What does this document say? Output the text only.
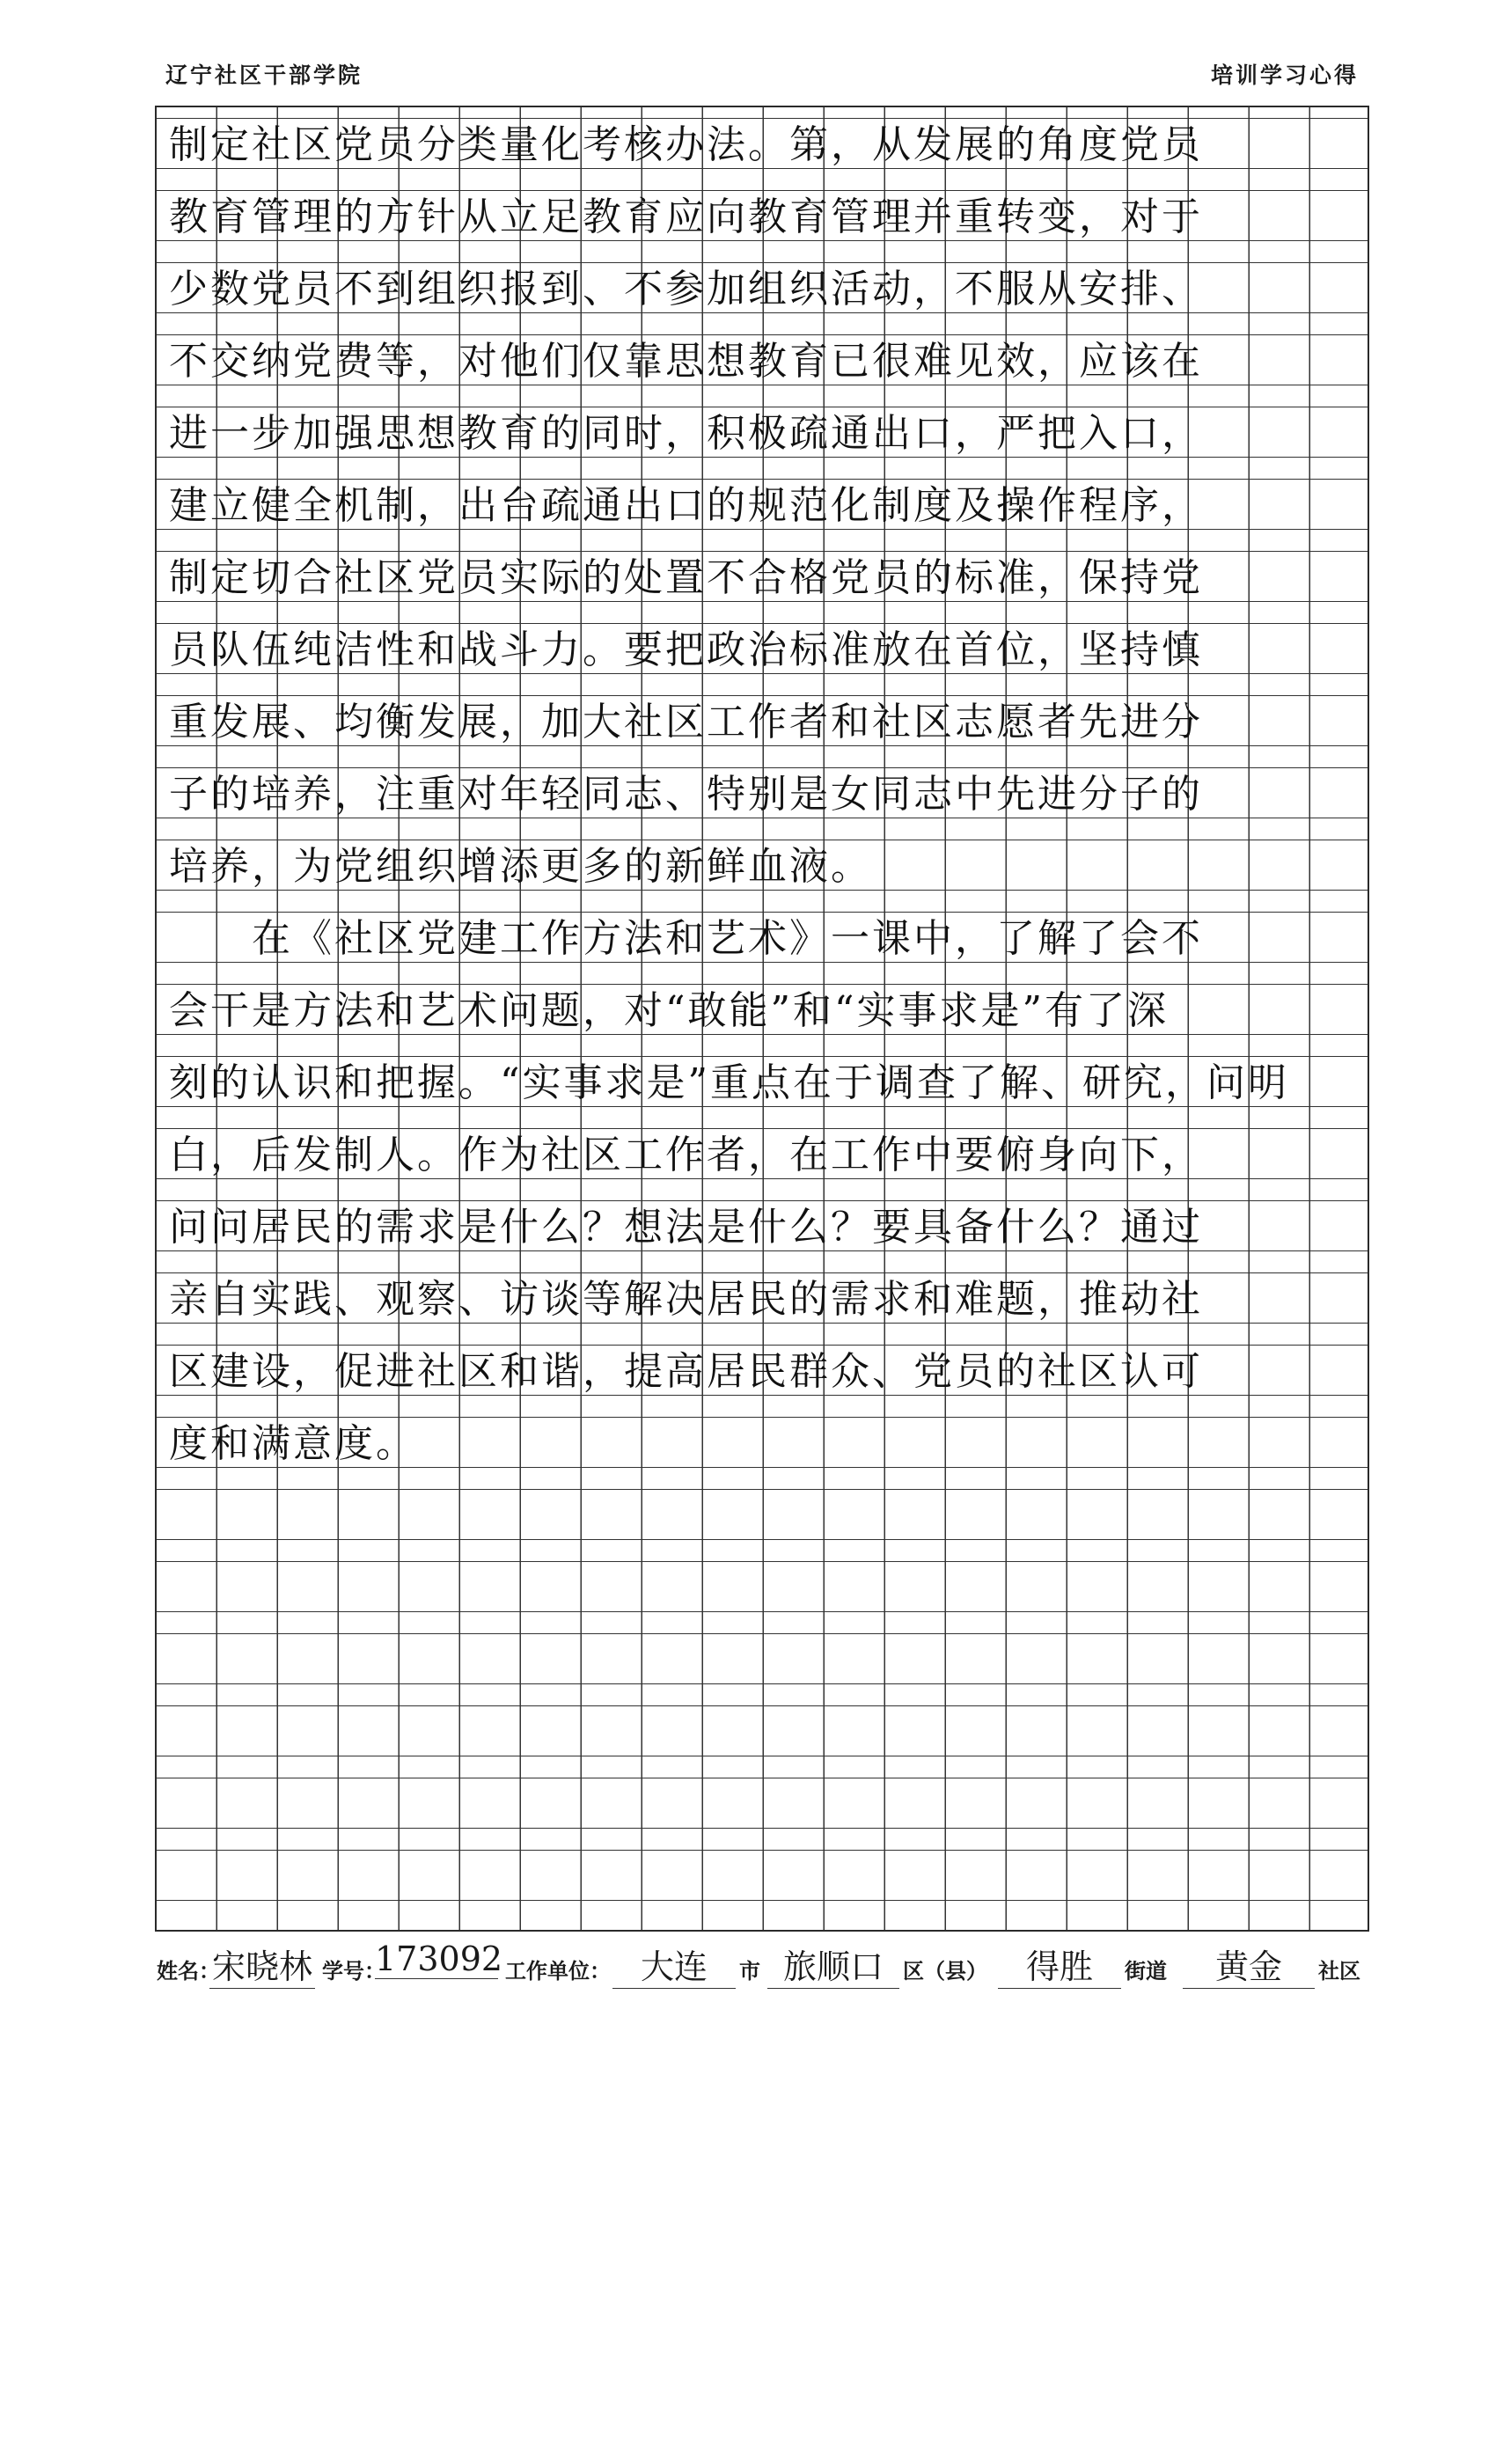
辽宁社区干部学院	培训学习心得
制定社区党员分类量化考核办法。第，从发展的角度党员
教育管理的方针从立足教育应向教育管理并重转变，对于
少数党员不到组织报到、不参加组织活动，不服从安排、
不交纳党费等，对他们仅靠思想教育已很难见效，应该在
进一步加强思想教育的同时，积极疏通出口，严把入口，
建立健全机制，出台疏通出口的规范化制度及操作程序，
制定切合社区党员实际的处置不合格党员的标准，保持党
员队伍纯洁性和战斗力。要把政治标准放在首位，坚持慎
重发展、均衡发展，加大社区工作者和社区志愿者先进分
子的培养，注重对年轻同志、特别是女同志中先进分子的
培养，为党组织增添更多的新鲜血液。
　　在《社区党建工作方法和艺术》一课中，了解了会不
会干是方法和艺术问题，对“敢能”和“实事求是”有了深
刻的认识和把握。“实事求是”重点在于调查了解、研究，问明
白，后发制人。作为社区工作者，在工作中要俯身向下，
问问居民的需求是什么？想法是什么？要具备什么？通过
亲自实践、观察、访谈等解决居民的需求和难题，推动社
区建设，促进社区和谐，提高居民群众、党员的社区认可
度和满意度。
姓名：
宋晓林 学号：
173092 工作单位： 大连	市 旅顺口 区（县）	得胜	街道	黄金	社区
